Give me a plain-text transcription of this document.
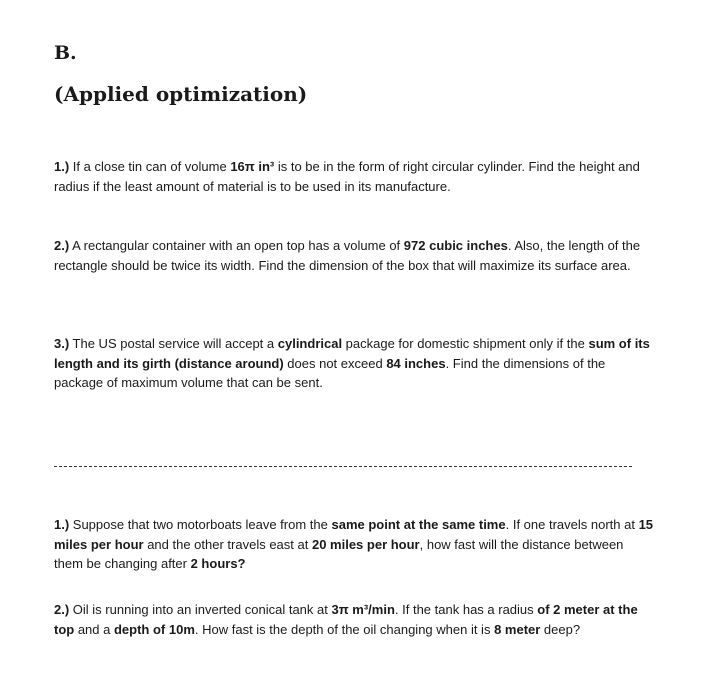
B.
(Applied optimization)

1.) If a close tin can of volume 16π in³ is to be in the form of right circular cylinder. Find the height and radius if the least amount of material is to be used in its manufacture.

2.) A rectangular container with an open top has a volume of 972 cubic inches. Also, the length of the rectangle should be twice its width. Find the dimension of the box that will maximize its surface area.

3.) The US postal service will accept a cylindrical package for domestic shipment only if the sum of its length and its girth (distance around) does not exceed 84 inches. Find the dimensions of the package of maximum volume that can be sent.

1.) Suppose that two motorboats leave from the same point at the same time. If one travels north at 15 miles per hour and the other travels east at 20 miles per hour, how fast will the distance between them be changing after 2 hours?

2.) Oil is running into an inverted conical tank at 3π m³/min. If the tank has a radius of 2 meter at the top and a depth of 10m. How fast is the depth of the oil changing when it is 8 meter deep?
